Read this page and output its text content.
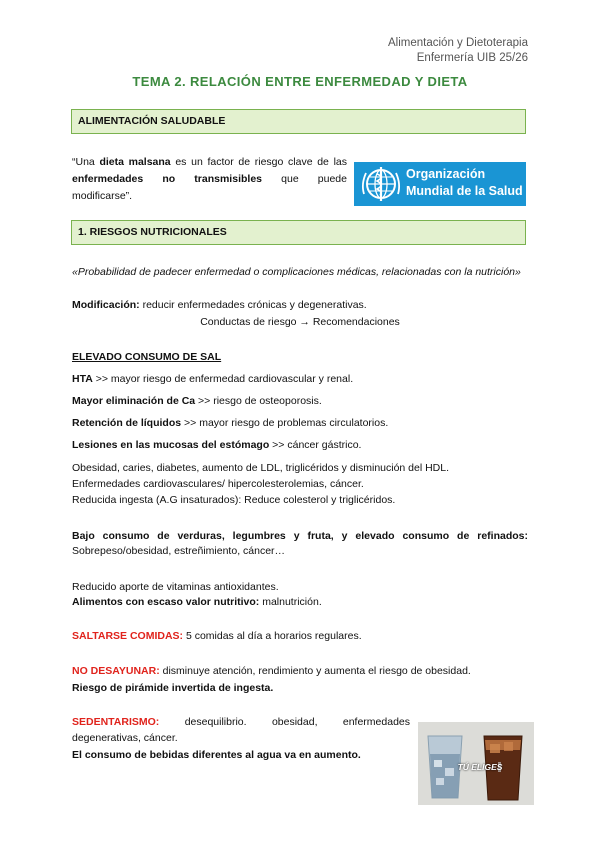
Alimentación y Dietoterapia
Enfermería UIB 25/26
TEMA 2. RELACIÓN ENTRE ENFERMEDAD Y DIETA
ALIMENTACIÓN SALUDABLE
“Una dieta malsana es un factor de riesgo clave de las
enfermedades no transmisibles que puede
modificarse”.
Organización
Mundial de la Salud
1. RIESGOS NUTRICIONALES
«Probabilidad de padecer enfermedad o complicaciones médicas, relacionadas con la nutrición»
Modificación: reducir enfermedades crónicas y degenerativas.
Conductas de riesgo → Recomendaciones
ELEVADO CONSUMO DE SAL
HTA >> mayor riesgo de enfermedad cardiovascular y renal.
Mayor eliminación de Ca >> riesgo de osteoporosis.
Retención de líquidos >> mayor riesgo de problemas circulatorios.
Lesiones en las mucosas del estómago >> cáncer gástrico.
Obesidad, caries, diabetes, aumento de LDL, triglicéridos y disminución del HDL.
Enfermedades cardiovasculares/ hipercolesterolemias, cáncer.
Reducida ingesta (A.G insaturados): Reduce colesterol y triglicéridos.
Bajo consumo de verduras, legumbres y fruta, y elevado consumo de refinados:
Sobrepeso/obesidad, estreñimiento, cáncer…
Reducido aporte de vitaminas antioxidantes.
Alimentos con escaso valor nutritivo: malnutrición.
SALTARSE COMIDAS: 5 comidas al día a horarios regulares.
NO DESAYUNAR: disminuye atención, rendimiento y aumenta el riesgo de obesidad.
Riesgo de pirámide invertida de ingesta.
SEDENTARISMO: desequilibrio. obesidad, enfermedades
degenerativas, cáncer.
El consumo de bebidas diferentes al agua va en aumento.
TÚ ELIGES
